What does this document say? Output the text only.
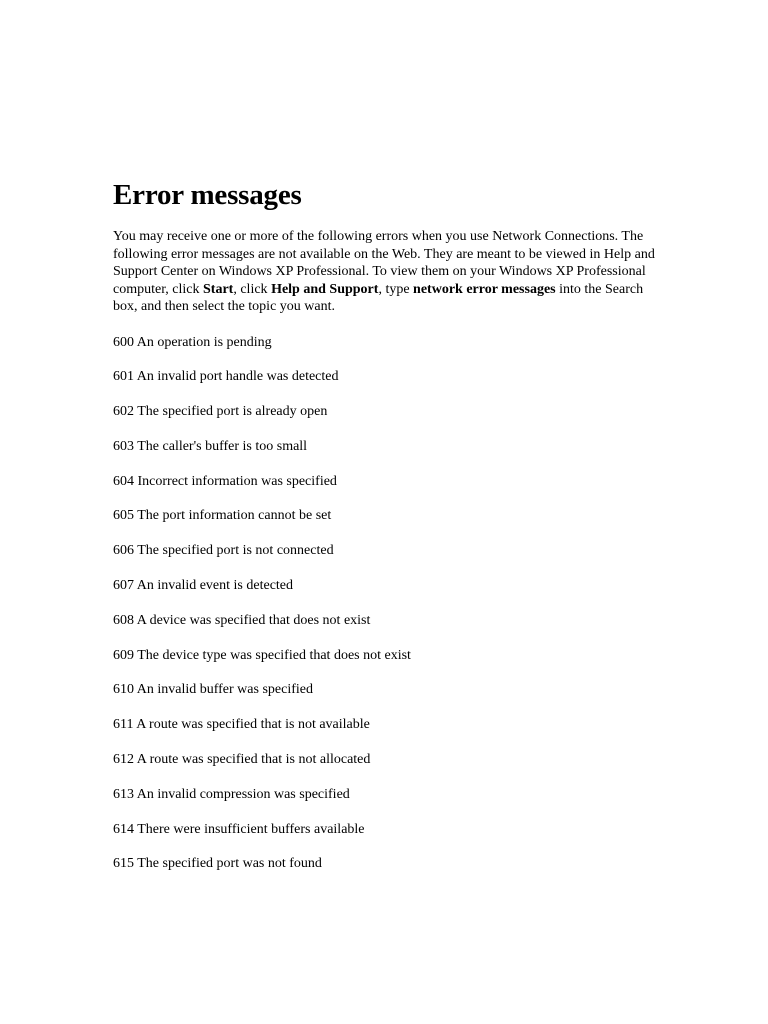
Error messages

You may receive one or more of the following errors when you use Network Connections. The following error messages are not available on the Web. They are meant to be viewed in Help and Support Center on Windows XP Professional. To view them on your Windows XP Professional computer, click Start, click Help and Support, type network error messages into the Search box, and then select the topic you want.

600 An operation is pending
601 An invalid port handle was detected
602 The specified port is already open
603 The caller's buffer is too small
604 Incorrect information was specified
605 The port information cannot be set
606 The specified port is not connected
607 An invalid event is detected
608 A device was specified that does not exist
609 The device type was specified that does not exist
610 An invalid buffer was specified
611 A route was specified that is not available
612 A route was specified that is not allocated
613 An invalid compression was specified
614 There were insufficient buffers available
615 The specified port was not found
